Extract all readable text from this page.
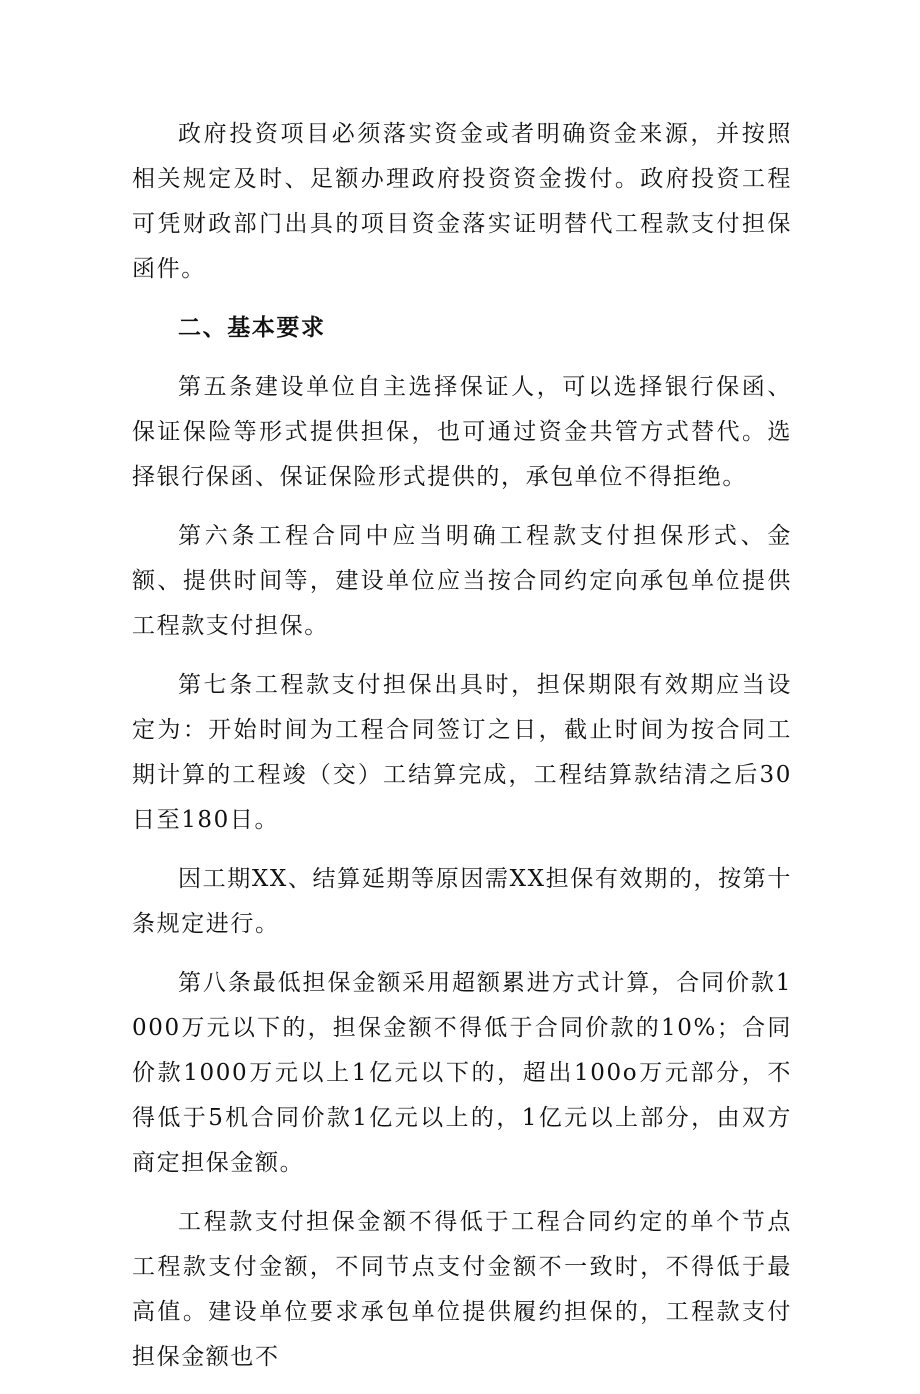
政府投资项目必须落实资金或者明确资金来源，并按照相关规定及时、足额办理政府投资资金拨付。政府投资工程可凭财政部门出具的项目资金落实证明替代工程款支付担保函件。

二、基本要求

第五条建设单位自主选择保证人，可以选择银行保函、保证保险等形式提供担保，也可通过资金共管方式替代。选择银行保函、保证保险形式提供的，承包单位不得拒绝。

第六条工程合同中应当明确工程款支付担保形式、金额、提供时间等，建设单位应当按合同约定向承包单位提供工程款支付担保。

第七条工程款支付担保出具时，担保期限有效期应当设定为：开始时间为工程合同签订之日，截止时间为按合同工期计算的工程竣（交）工结算完成，工程结算款结清之后30日至180日。

因工期XX、结算延期等原因需XX担保有效期的，按第十条规定进行。

第八条最低担保金额采用超额累进方式计算，合同价款1000万元以下的，担保金额不得低于合同价款的10%；合同价款1000万元以上1亿元以下的，超出100o万元部分，不得低于5机合同价款1亿元以上的，1亿元以上部分，由双方商定担保金额。

工程款支付担保金额不得低于工程合同约定的单个节点工程款支付金额，不同节点支付金额不一致时，不得低于最高值。建设单位要求承包单位提供履约担保的，工程款支付担保金额也不
